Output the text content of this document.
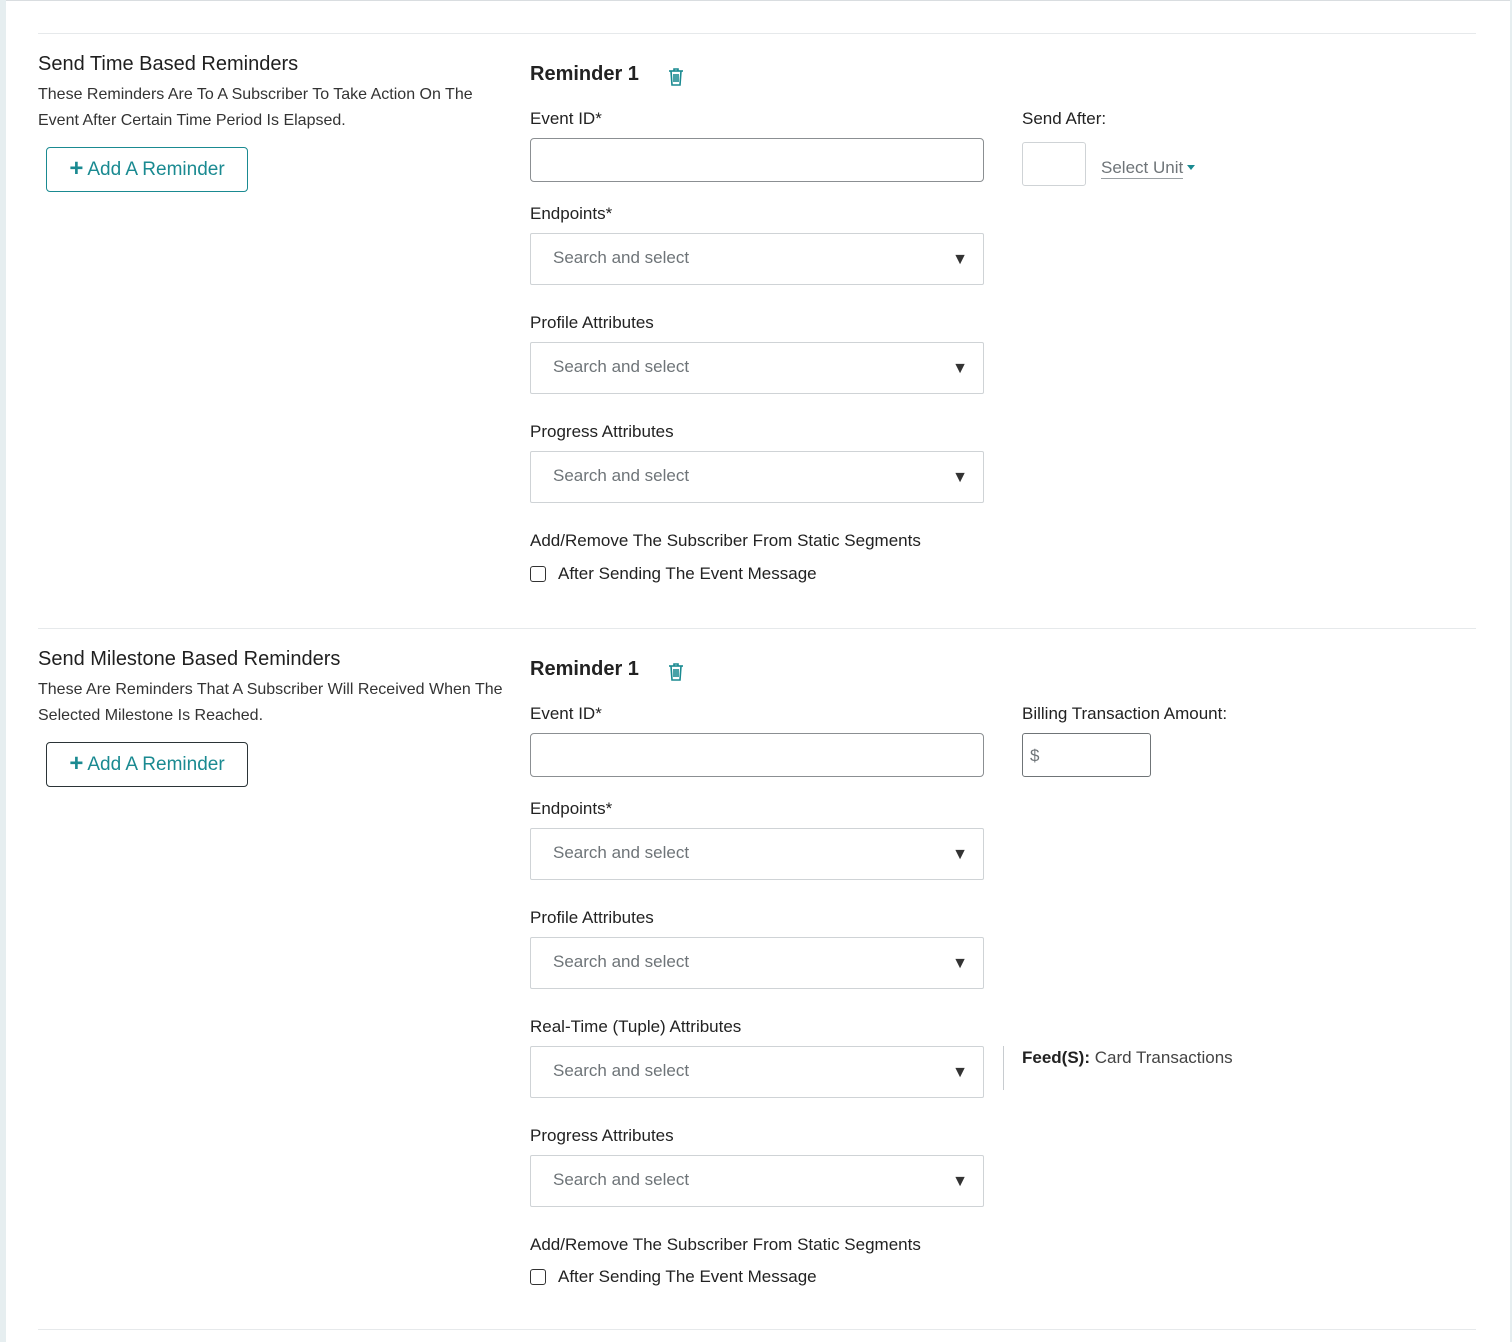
Send Time Based Reminders

These Reminders Are To A Subscriber To Take Action On The Event After Certain Time Period Is Elapsed.

+ Add A Reminder
Reminder 1
Event ID*	Send After:
Select Unit
Endpoints*
Search and select	▼
Profile Attributes
Search and select	▼
Progress Attributes
Search and select	▼
Add/Remove The Subscriber From Static Segments
After Sending The Event Message
Send Milestone Based Reminders

These Are Reminders That A Subscriber Will Received When The Selected Milestone Is Reached.

+ Add A Reminder
Reminder 1
Event ID*	Billing Transaction Amount:
$
Endpoints*
Search and select	▼
Profile Attributes
Search and select	▼
Real-Time (Tuple) Attributes
Search and select	▼
Feed(S): Card Transactions
Progress Attributes
Search and select	▼
Add/Remove The Subscriber From Static Segments
After Sending The Event Message
